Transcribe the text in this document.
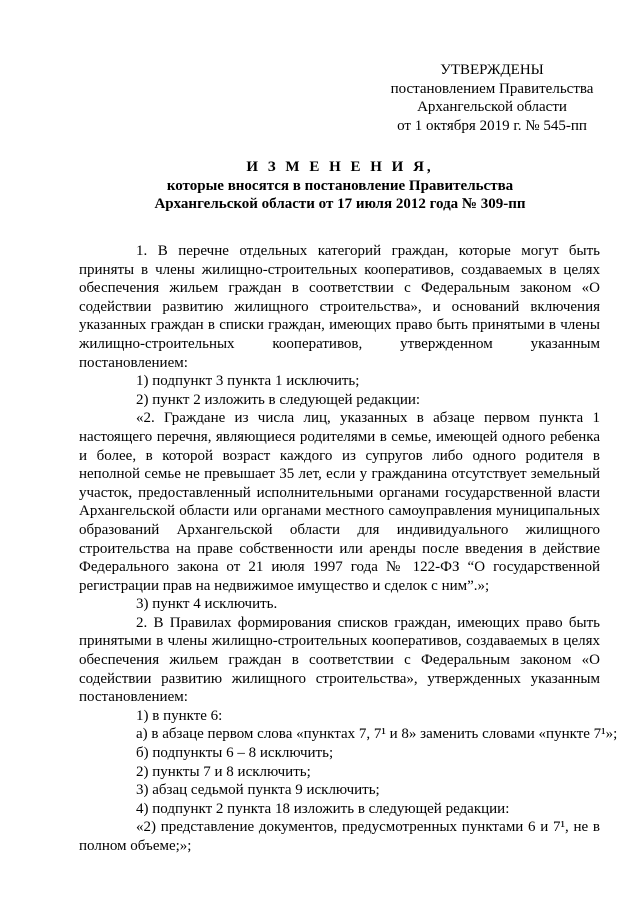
УТВЕРЖДЕНЫ
постановлением Правительства
Архангельской области
от 1 октября 2019 г. № 545-пп
И З М Е Н Е Н И Я,
которые вносятся в постановление Правительства
Архангельской области от 17 июля 2012 года № 309-пп

1. В перечне отдельных категорий граждан, которые могут быть приняты в члены жилищно-строительных кооперативов, создаваемых в целях обеспечения жильем граждан в соответствии с Федеральным законом «О содействии развитию жилищного строительства», и оснований включения указанных граждан в списки граждан, имеющих право быть принятыми в члены жилищно-строительных кооперативов, утвержденном указанным постановлением:

1) подпункт 3 пункта 1 исключить;

2) пункт 2 изложить в следующей редакции:

«2. Граждане из числа лиц, указанных в абзаце первом пункта 1 настоящего перечня, являющиеся родителями в семье, имеющей одного ребенка и более, в которой возраст каждого из супругов либо одного родителя в неполной семье не превышает 35 лет, если у гражданина отсутствует земельный участок, предоставленный исполнительными органами государственной власти Архангельской области или органами местного самоуправления муниципальных образований Архангельской области для индивидуального жилищного строительства на праве собственности или аренды после введения в действие Федерального закона от 21 июля 1997 года № 122-ФЗ “О государственной регистрации прав на недвижимое имущество и сделок с ним”.»;

3) пункт 4 исключить.

2. В Правилах формирования списков граждан, имеющих право быть принятыми в члены жилищно-строительных кооперативов, создаваемых в целях обеспечения жильем граждан в соответствии с Федеральным законом «О содействии развитию жилищного строительства», утвержденных указанным постановлением:

1) в пункте 6:

а) в абзаце первом слова «пунктах 7, 7¹ и 8» заменить словами «пункте 7¹»;

б) подпункты 6 – 8 исключить;

2) пункты 7 и 8 исключить;

3) абзац седьмой пункта 9 исключить;

4) подпункт 2 пункта 18 изложить в следующей редакции:

«2) представление документов, предусмотренных пунктами 6 и 7¹, не в полном объеме;»;
